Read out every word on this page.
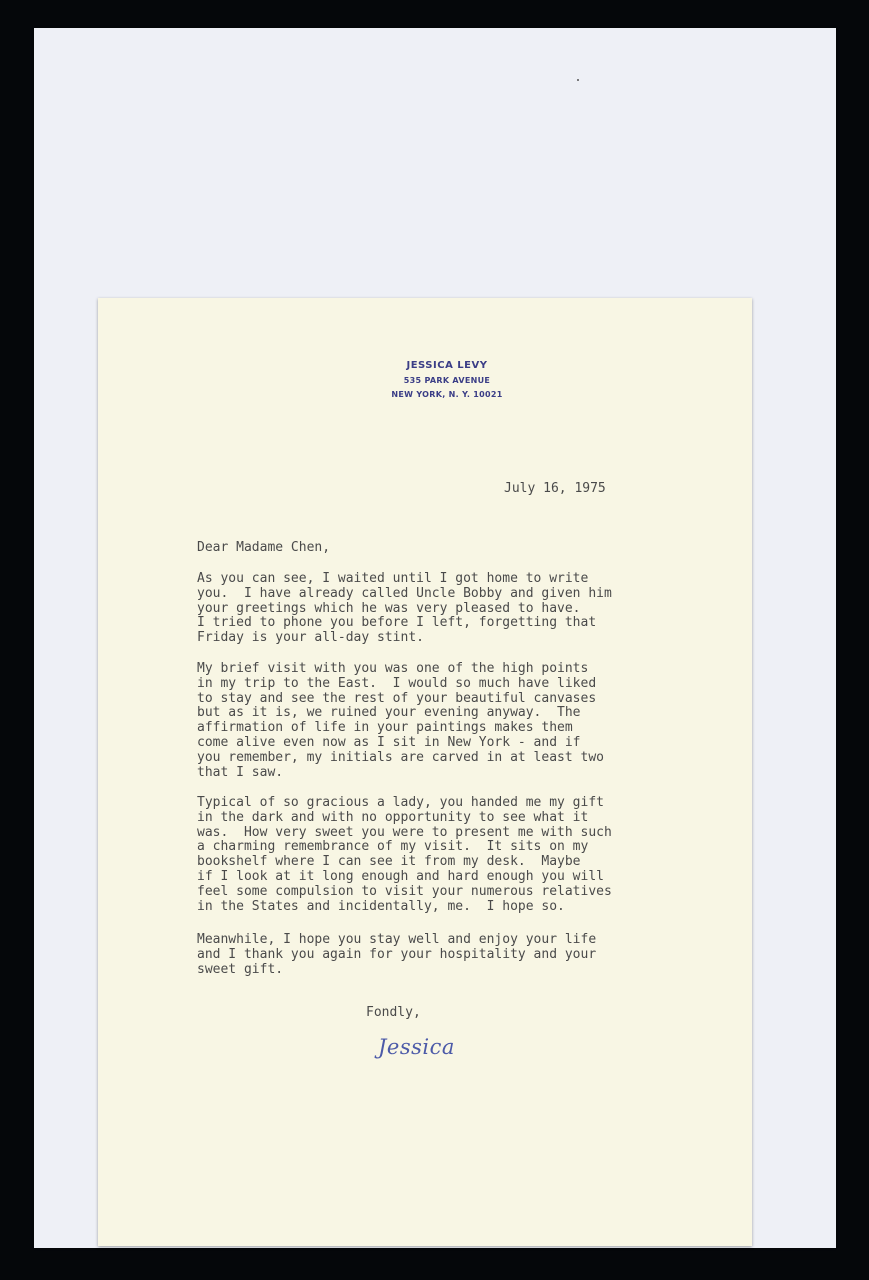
JESSICA LEVY
535 PARK AVENUE
NEW YORK, N. Y. 10021
July 16, 1975
Dear Madame Chen,
As you can see, I waited until I got home to write
you.  I have already called Uncle Bobby and given him
your greetings which he was very pleased to have.
I tried to phone you before I left, forgetting that
Friday is your all-day stint.
My brief visit with you was one of the high points
in my trip to the East.  I would so much have liked
to stay and see the rest of your beautiful canvases
but as it is, we ruined your evening anyway.  The
affirmation of life in your paintings makes them
come alive even now as I sit in New York - and if
you remember, my initials are carved in at least two
that I saw.
Typical of so gracious a lady, you handed me my gift
in the dark and with no opportunity to see what it
was.  How very sweet you were to present me with such
a charming remembrance of my visit.  It sits on my
bookshelf where I can see it from my desk.  Maybe
if I look at it long enough and hard enough you will
feel some compulsion to visit your numerous relatives
in the States and incidentally, me.  I hope so.
Meanwhile, I hope you stay well and enjoy your life
and I thank you again for your hospitality and your
sweet gift.
Fondly,
Jessica
